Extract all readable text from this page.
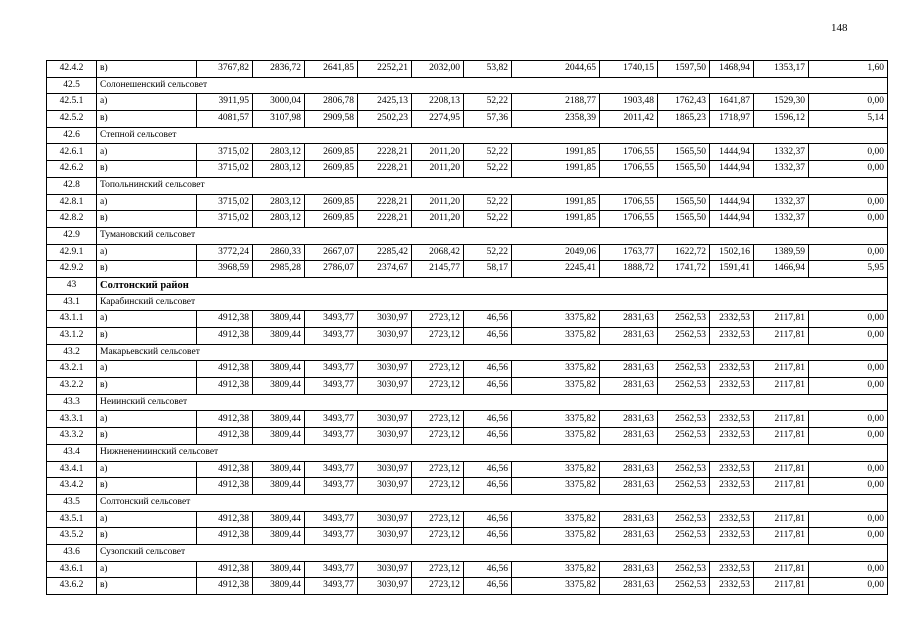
148
42.4.2	в)	3767,82	2836,72	2641,85	2252,21	2032,00	53,82	2044,65	1740,15	1597,50	1468,94	1353,17	1,60
42.5	Солонешенский сельсовет												
42.5.1	а)	3911,95	3000,04	2806,78	2425,13	2208,13	52,22	2188,77	1903,48	1762,43	1641,87	1529,30	0,00
42.5.2	в)	4081,57	3107,98	2909,58	2502,23	2274,95	57,36	2358,39	2011,42	1865,23	1718,97	1596,12	5,14
42.6	Степной сельсовет												
42.6.1	а)	3715,02	2803,12	2609,85	2228,21	2011,20	52,22	1991,85	1706,55	1565,50	1444,94	1332,37	0,00
42.6.2	в)	3715,02	2803,12	2609,85	2228,21	2011,20	52,22	1991,85	1706,55	1565,50	1444,94	1332,37	0,00
42.8	Топольнинский сельсовет												
42.8.1	а)	3715,02	2803,12	2609,85	2228,21	2011,20	52,22	1991,85	1706,55	1565,50	1444,94	1332,37	0,00
42.8.2	в)	3715,02	2803,12	2609,85	2228,21	2011,20	52,22	1991,85	1706,55	1565,50	1444,94	1332,37	0,00
42.9	Тумановский сельсовет												
42.9.1	а)	3772,24	2860,33	2667,07	2285,42	2068,42	52,22	2049,06	1763,77	1622,72	1502,16	1389,59	0,00
42.9.2	в)	3968,59	2985,28	2786,07	2374,67	2145,77	58,17	2245,41	1888,72	1741,72	1591,41	1466,94	5,95
43	Солтонский район												
43.1	Карабинский сельсовет												
43.1.1	а)	4912,38	3809,44	3493,77	3030,97	2723,12	46,56	3375,82	2831,63	2562,53	2332,53	2117,81	0,00
43.1.2	в)	4912,38	3809,44	3493,77	3030,97	2723,12	46,56	3375,82	2831,63	2562,53	2332,53	2117,81	0,00
43.2	Макарьевский сельсовет												
43.2.1	а)	4912,38	3809,44	3493,77	3030,97	2723,12	46,56	3375,82	2831,63	2562,53	2332,53	2117,81	0,00
43.2.2	в)	4912,38	3809,44	3493,77	3030,97	2723,12	46,56	3375,82	2831,63	2562,53	2332,53	2117,81	0,00
43.3	Неиинский сельсовет												
43.3.1	а)	4912,38	3809,44	3493,77	3030,97	2723,12	46,56	3375,82	2831,63	2562,53	2332,53	2117,81	0,00
43.3.2	в)	4912,38	3809,44	3493,77	3030,97	2723,12	46,56	3375,82	2831,63	2562,53	2332,53	2117,81	0,00
43.4	Нижненениинский сельсовет												
43.4.1	а)	4912,38	3809,44	3493,77	3030,97	2723,12	46,56	3375,82	2831,63	2562,53	2332,53	2117,81	0,00
43.4.2	в)	4912,38	3809,44	3493,77	3030,97	2723,12	46,56	3375,82	2831,63	2562,53	2332,53	2117,81	0,00
43.5	Солтонский сельсовет												
43.5.1	а)	4912,38	3809,44	3493,77	3030,97	2723,12	46,56	3375,82	2831,63	2562,53	2332,53	2117,81	0,00
43.5.2	в)	4912,38	3809,44	3493,77	3030,97	2723,12	46,56	3375,82	2831,63	2562,53	2332,53	2117,81	0,00
43.6	Сузопский сельсовет												
43.6.1	а)	4912,38	3809,44	3493,77	3030,97	2723,12	46,56	3375,82	2831,63	2562,53	2332,53	2117,81	0,00
43.6.2	в)	4912,38	3809,44	3493,77	3030,97	2723,12	46,56	3375,82	2831,63	2562,53	2332,53	2117,81	0,00
